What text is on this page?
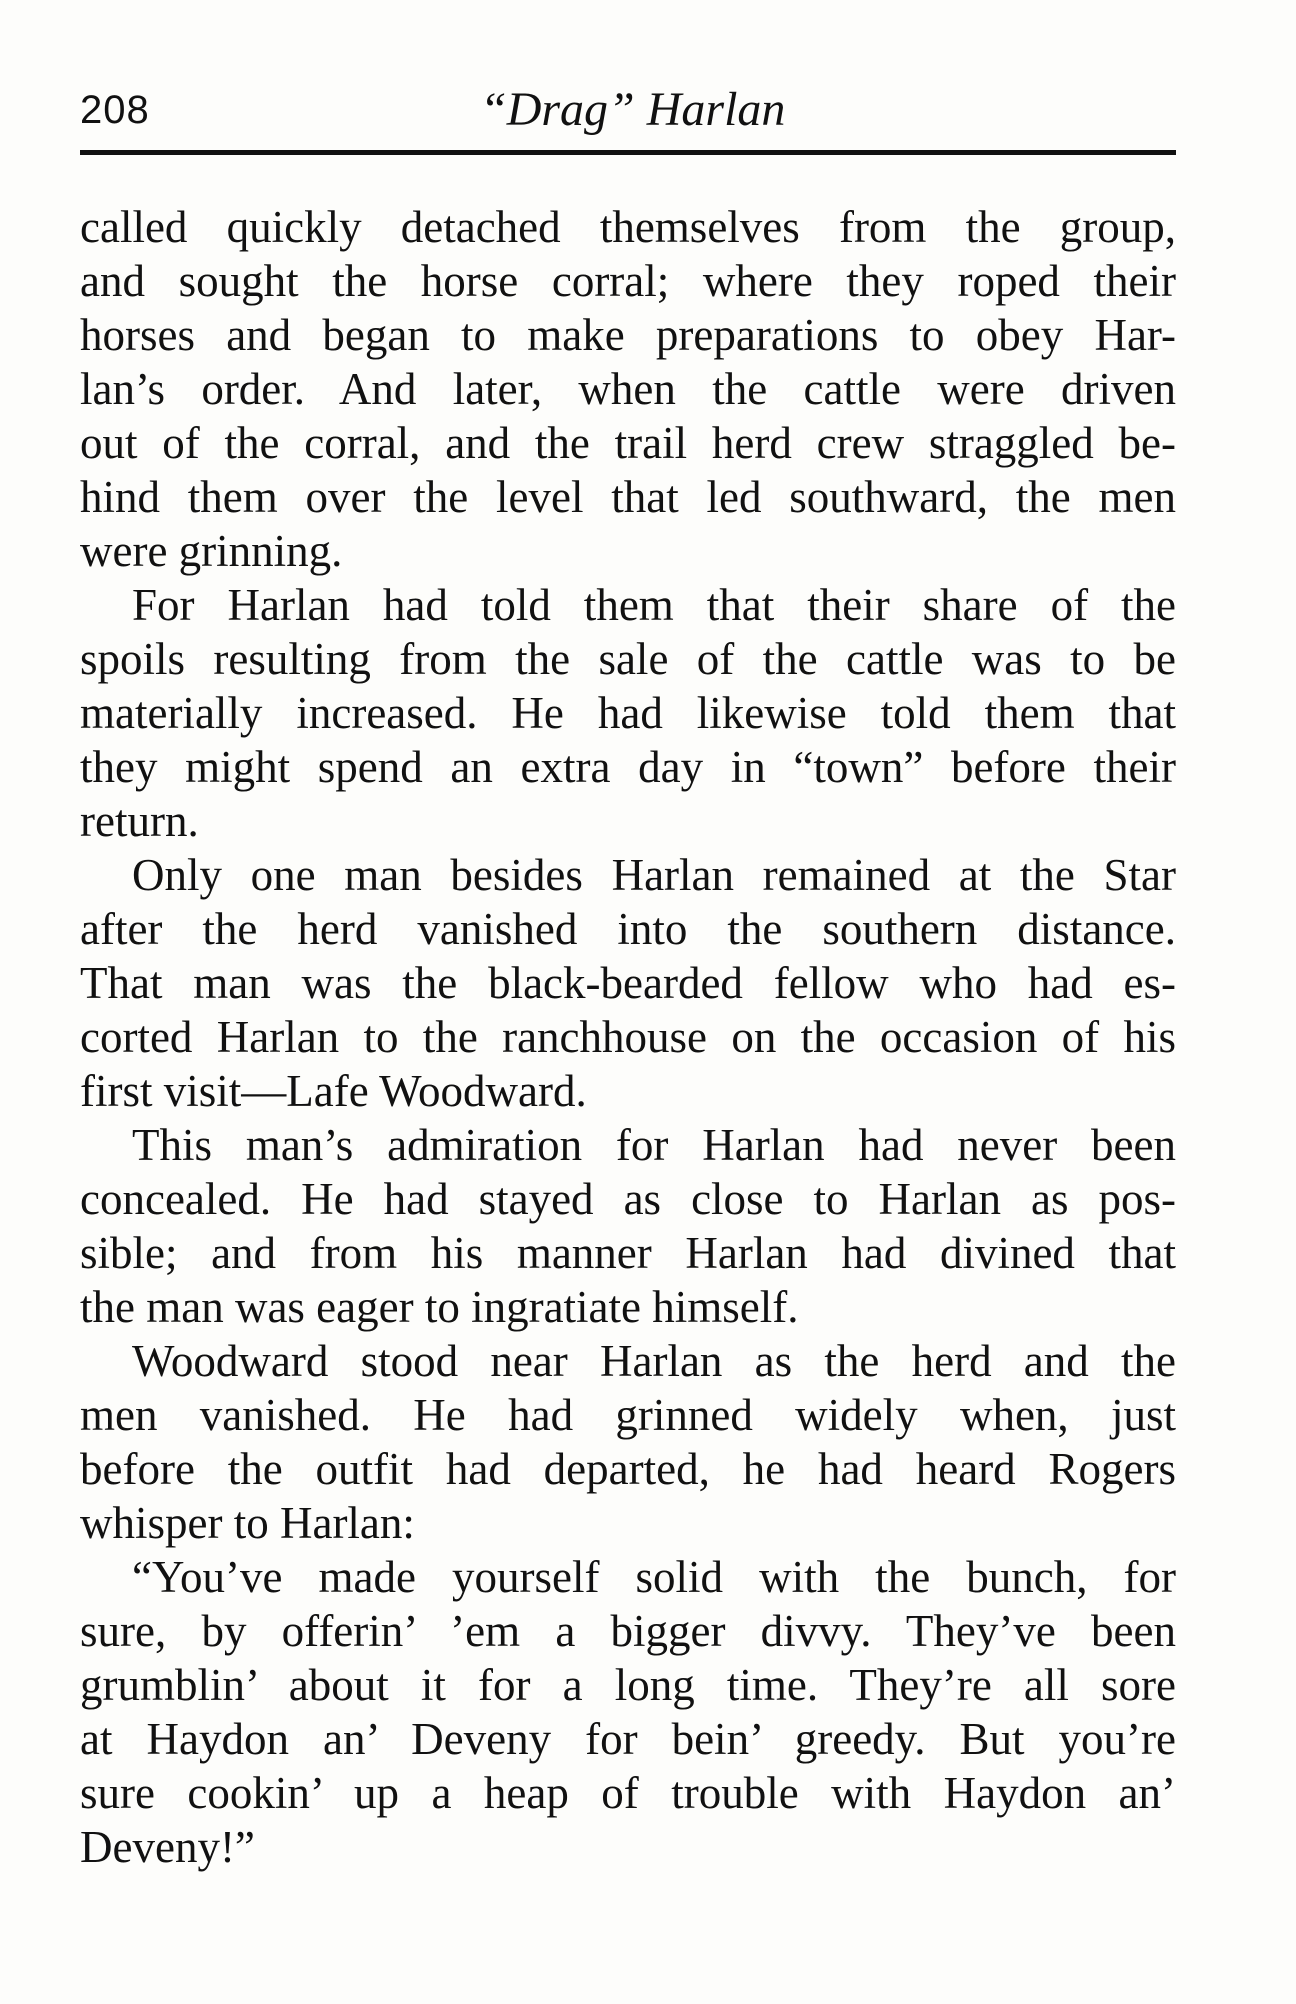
208	“Drag” Harlan
called quickly detached themselves from the group,
and sought the horse corral; where they roped their
horses and began to make preparations to obey Har-
lan’s order. And later, when the cattle were driven
out of the corral, and the trail herd crew straggled be-
hind them over the level that led southward, the men
were grinning.
For Harlan had told them that their share of the
spoils resulting from the sale of the cattle was to be
materially increased. He had likewise told them that
they might spend an extra day in “town” before their
return.
Only one man besides Harlan remained at the Star
after the herd vanished into the southern distance.
That man was the black-bearded fellow who had es-
corted Harlan to the ranchhouse on the occasion of his
first visit—Lafe Woodward.
This man’s admiration for Harlan had never been
concealed. He had stayed as close to Harlan as pos-
sible; and from his manner Harlan had divined that
the man was eager to ingratiate himself.
Woodward stood near Harlan as the herd and the
men vanished. He had grinned widely when, just
before the outfit had departed, he had heard Rogers
whisper to Harlan:
“You’ve made yourself solid with the bunch, for
sure, by offerin’ ’em a bigger divvy. They’ve been
grumblin’ about it for a long time. They’re all sore
at Haydon an’ Deveny for bein’ greedy. But you’re
sure cookin’ up a heap of trouble with Haydon an’
Deveny!”
